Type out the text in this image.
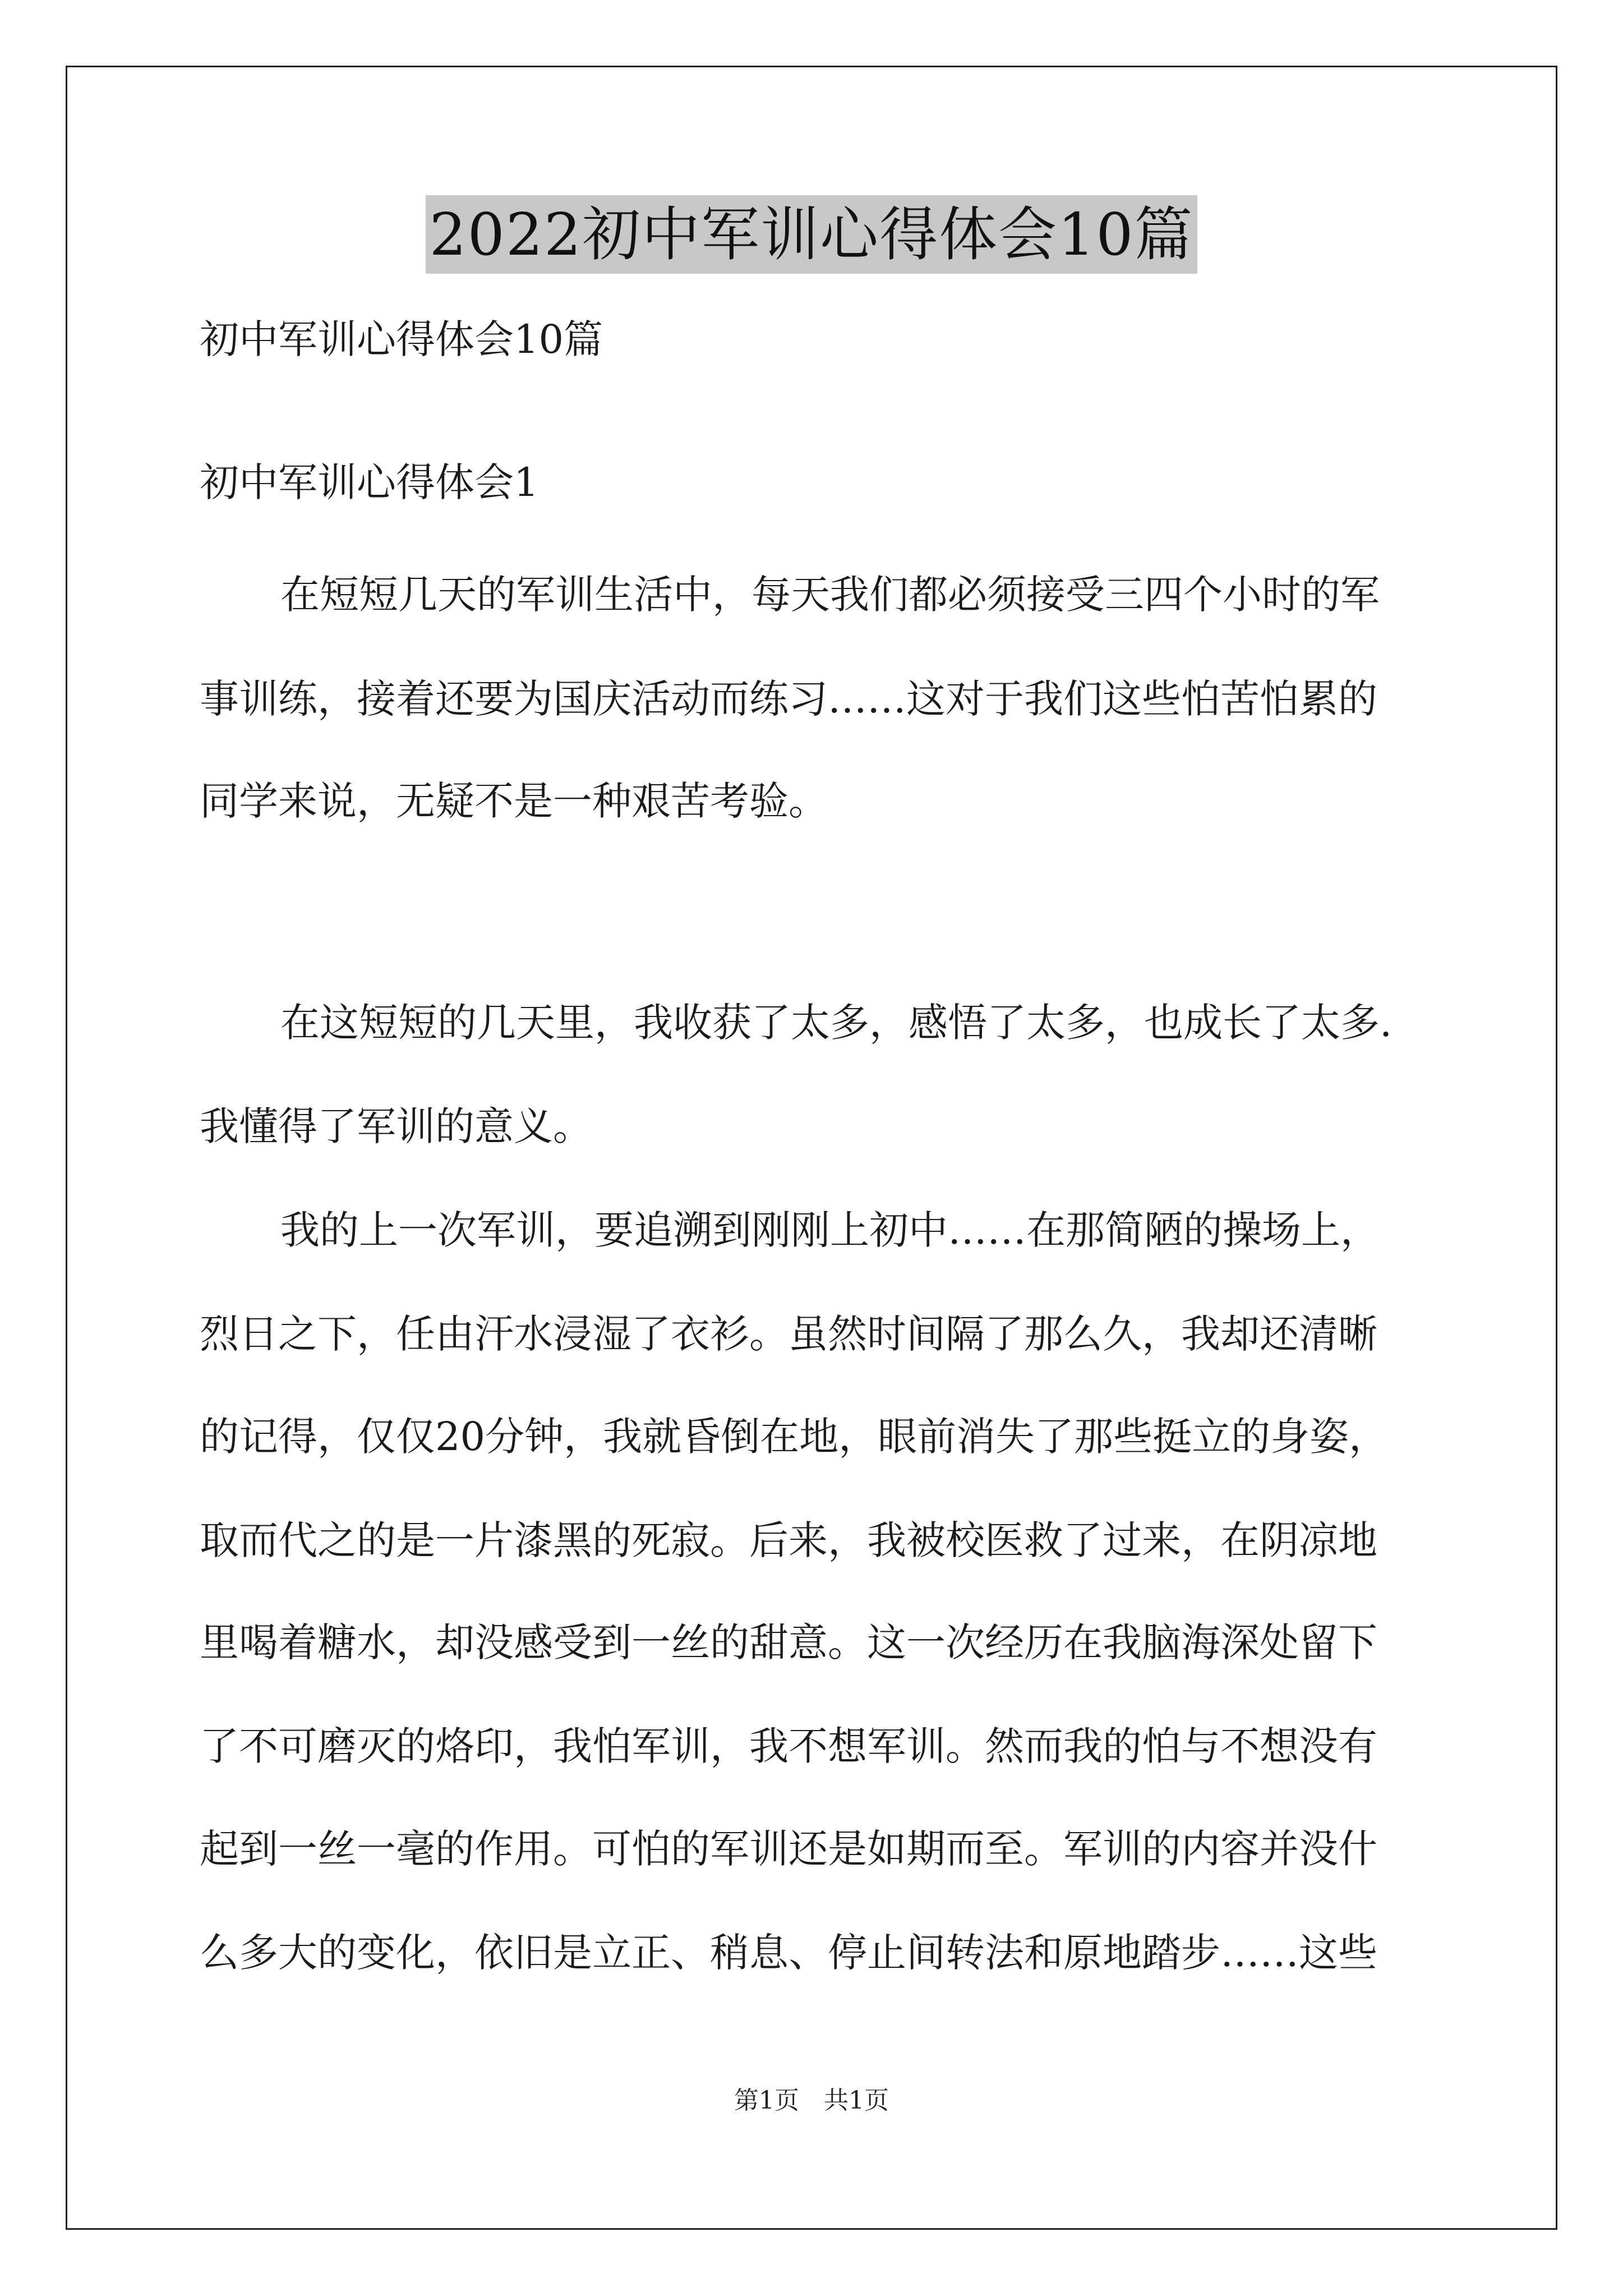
2022初中军训心得体会10篇
初中军训心得体会10篇
初中军训心得体会1
在短短几天的军训生活中，每天我们都必须接受三四个小时的军
事训练，接着还要为国庆活动而练习……这对于我们这些怕苦怕累的
同学来说，无疑不是一种艰苦考验。
在这短短的几天里，我收获了太多，感悟了太多，也成长了太多.
我懂得了军训的意义。
我的上一次军训，要追溯到刚刚上初中……在那简陋的操场上，
烈日之下，任由汗水浸湿了衣衫。虽然时间隔了那么久，我却还清晰
的记得，仅仅20分钟，我就昏倒在地，眼前消失了那些挺立的身姿，
取而代之的是一片漆黑的死寂。后来，我被校医救了过来，在阴凉地
里喝着糖水，却没感受到一丝的甜意。这一次经历在我脑海深处留下
了不可磨灭的烙印，我怕军训，我不想军训。然而我的怕与不想没有
起到一丝一毫的作用。可怕的军训还是如期而至。军训的内容并没什
么多大的变化，依旧是立正、稍息、停止间转法和原地踏步……这些
第1页　共1页
